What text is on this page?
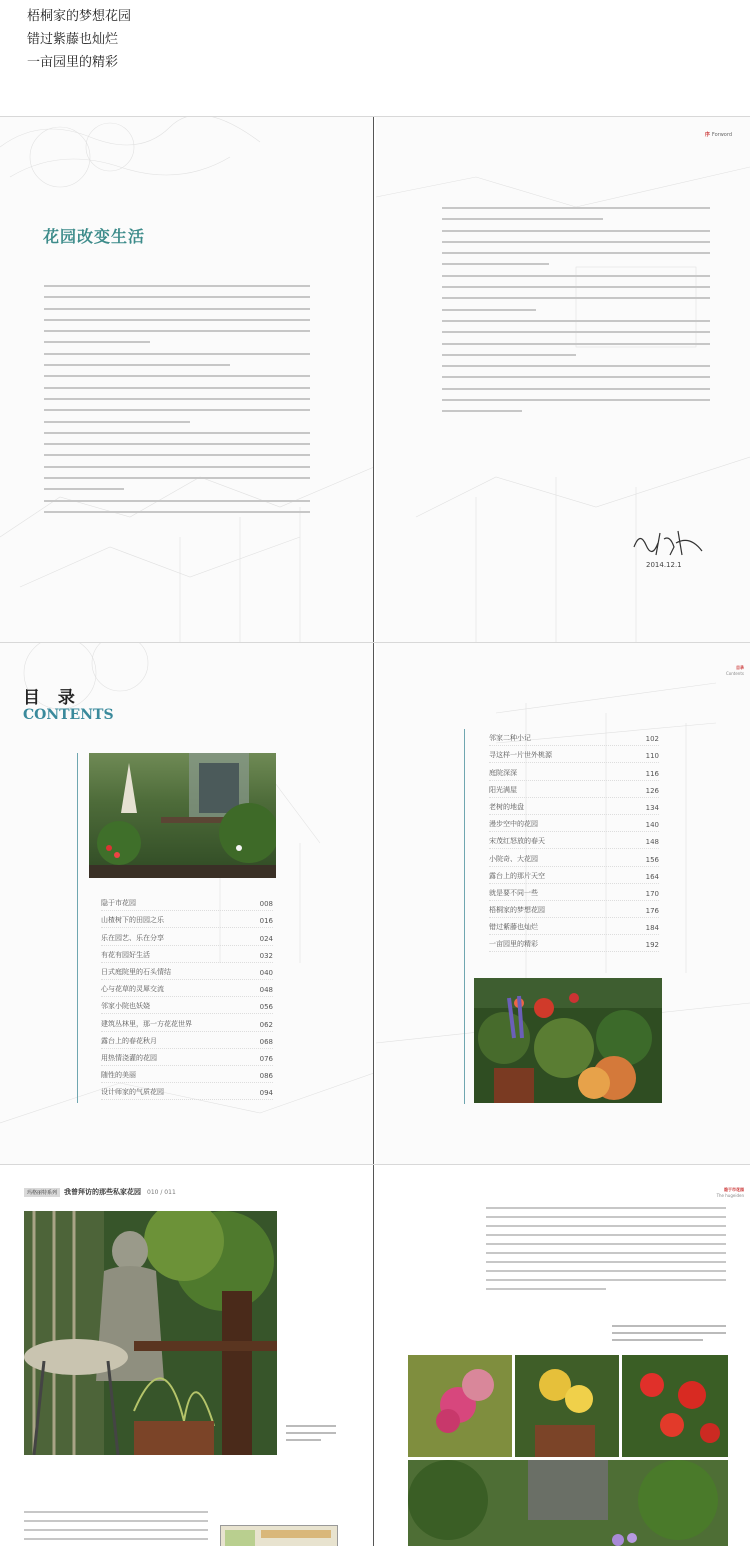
梧桐家的梦想花园
错过紫藤也灿烂
一亩园里的精彩
花园改变生活
序 Forword
2014.12.1
目 录
CONTENTS
隐于市花园	008
山楂树下的田园之乐	016
乐在园艺、乐在分享	024
有花有园好生活	032
日式庭院里的石头情结	040
心与花草的灵犀交流	048
邻家小院也妖娆	056
建筑丛林里，那一方花花世界	062
露台上的春花秋月	068
用热情浇灌的花园	076
随性的美丽	086
设计师家的气质花园	094
目录
Contents
邻家二种小记	102
寻这样一片世外桃源	110
庭院深深	116
阳光满屋	126
老树的地盘	134
漫步空中的花园	140
宋茂红怒放的春天	148
小院奇、大花园	156
露台上的那片天空	164
就是要不同一些	170
梧桐家的梦想花园	176
错过紫藤也灿烂	184
一亩园里的精彩	192
玛格丽特系列 我曾拜访的那些私家花园 010 / 011	隐于市花园
The hugeiden
